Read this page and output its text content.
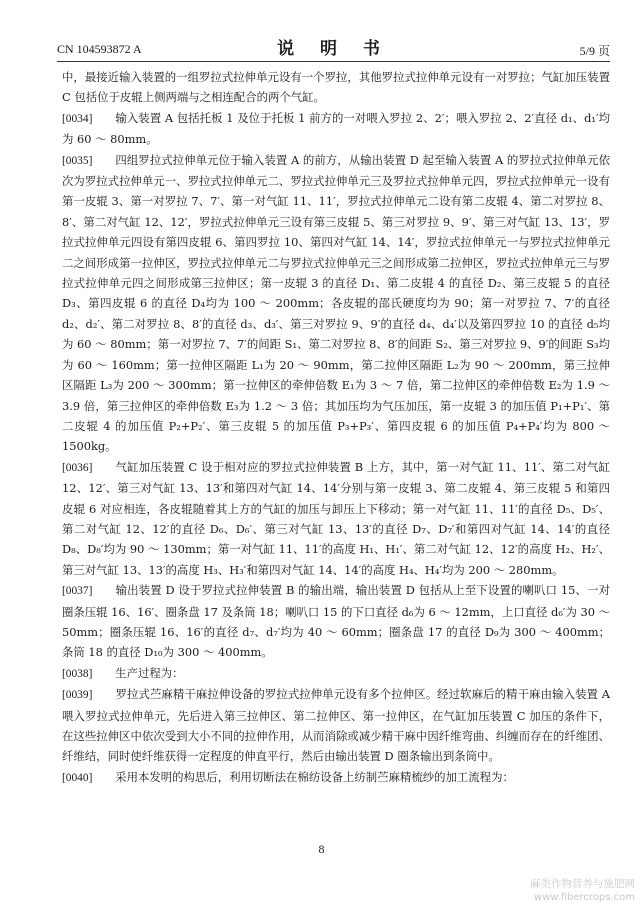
CN 104593872 A	说 明 书	5/9 页

中，最接近输入装置的一组罗拉式拉伸单元设有一个罗拉，其他罗拉式拉伸单元设有一对罗拉；气缸加压装置 C 包括位于皮辊上侧两端与之相连配合的两个气缸。

[0034]　　 输入装置 A 包括托板 1 及位于托板 1 前方的一对喂入罗拉 2、2′；喂入罗拉 2、2′直径 d₁、d₁′均为 60 ～ 80mm。

[0035]　　 四组罗拉式拉伸单元位于输入装置 A 的前方，从输出装置 D 起至输入装置 A 的罗拉式拉伸单元依次为罗拉式拉伸单元一、罗拉式拉伸单元二、罗拉式拉伸单元三及罗拉式拉伸单元四，罗拉式拉伸单元一设有第一皮辊 3、第一对罗拉 7、7′、第一对气缸 11、11′，罗拉式拉伸单元二设有第二皮辊 4、第二对罗拉 8、8′、第二对气缸 12、12′，罗拉式拉伸单元三设有第三皮辊 5、第三对罗拉 9、9′、第三对气缸 13、13′，罗拉式拉伸单元四设有第四皮辊 6、第四罗拉 10、第四对气缸 14、14′，罗拉式拉伸单元一与罗拉式拉伸单元二之间形成第一拉伸区，罗拉式拉伸单元二与罗拉式拉伸单元三之间形成第二拉伸区，罗拉式拉伸单元三与罗拉式拉伸单元四之间形成第三拉伸区；第一皮辊 3 的直径 D₁、第二皮辊 4 的直径 D₂、第三皮辊 5 的直径 D₃、第四皮辊 6 的直径 D₄均为 100 ～ 200mm；各皮辊的邵氏硬度均为 90；第一对罗拉 7、7′的直径 d₂、d₂′、第二对罗拉 8、8′的直径 d₃、d₃′、第三对罗拉 9、9′的直径 d₄、d₄′以及第四罗拉 10 的直径 d₅均为 60 ～ 80mm；第一对罗拉 7、7′的间距 S₁、第二对罗拉 8、8′的间距 S₂、第三对罗拉 9、9′的间距 S₃均为 60 ～ 160mm；第一拉伸区隔距 L₁为 20 ～ 90mm，第二拉伸区隔距 L₂为 90 ～ 200mm，第三拉伸区隔距 L₃为 200 ～ 300mm；第一拉伸区的牵伸倍数 E₁为 3 ～ 7 倍，第二拉伸区的牵伸倍数 E₂为 1.9 ～ 3.9 倍，第三拉伸区的牵伸倍数 E₃为 1.2 ～ 3 倍；其加压均为气压加压，第一皮辊 3 的加压值 P₁+P₁′、第二皮辊 4 的加压值 P₂+P₂′、第三皮辊 5 的加压值 P₃+P₃′、第四皮辊 6 的加压值 P₄+P₄′均为 800 ～ 1500kg。

[0036]　　 气缸加压装置 C 设于相对应的罗拉式拉伸装置 B 上方，其中，第一对气缸 11、11′、第二对气缸 12、12′、第三对气缸 13、13′和第四对气缸 14、14′分别与第一皮辊 3、第二皮辊 4、第三皮辊 5 和第四皮辊 6 对应相连，各皮辊随着其上方的气缸的加压与卸压上下移动；第一对气缸 11、11′的直径 D₅、D₅′、第二对气缸 12、12′的直径 D₆、D₆′、第三对气缸 13、13′的直径 D₇、D₇′和第四对气缸 14、14′的直径 D₈、D₈′均为 90 ～ 130mm；第一对气缸 11、11′的高度 H₁、H₁′、第二对气缸 12、12′的高度 H₂、H₂′、第三对气缸 13、13′的高度 H₃、H₃′和第四对气缸 14、14′的高度 H₄、H₄′均为 200 ～ 280mm。

[0037]　　 输出装置 D 设于罗拉式拉伸装置 B 的输出端，输出装置 D 包括从上至下设置的喇叭口 15、一对圈条压辊 16、16′、圈条盘 17 及条筒 18；喇叭口 15 的下口直径 d₆为 6 ～ 12mm，上口直径 d₆′为 30 ～ 50mm；圈条压辊 16、16′的直径 d₇、d₇′均为 40 ～ 60mm；圈条盘 17 的直径 D₉为 300 ～ 400mm；条筒 18 的直径 D₁₀为 300 ～ 400mm。

[0038]　　 生产过程为：

[0039]　　 罗拉式苎麻精干麻拉伸设备的罗拉式拉伸单元设有多个拉伸区。经过软麻后的精干麻由输入装置 A 喂入罗拉式拉伸单元，先后进入第三拉伸区、第二拉伸区、第一拉伸区，在气缸加压装置 C 加压的条件下，在这些拉伸区中依次受到大小不同的拉伸作用，从而消除或减少精干麻中因纤维弯曲、纠缠而存在的纤维团、纤维结，同时使纤维获得一定程度的伸直平行，然后由输出装置 D 圈条输出到条筒中。

[0040]　　 采用本发明的构思后，利用切断法在棉纺设备上纺制苎麻精梳纱的加工流程为：

8
麻类作物营养与施肥网
www.fibercrops.com
